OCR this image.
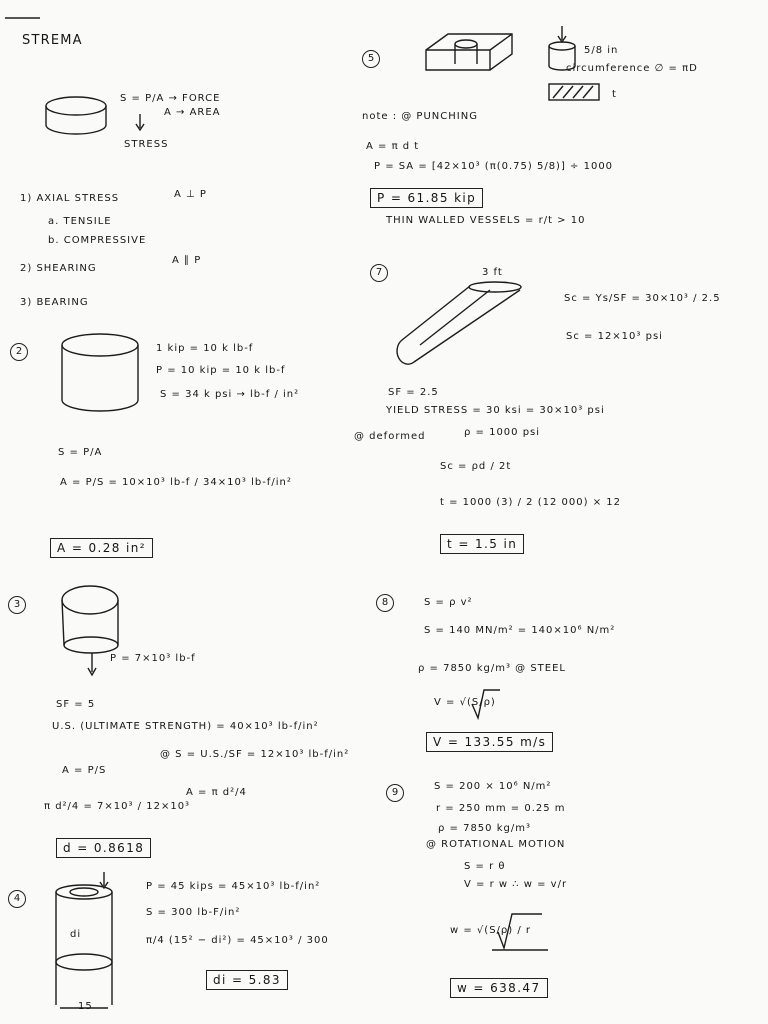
STREMA
S = P/A → FORCE
A → AREA
STRESS
1) AXIAL STRESS	A ⊥ P
a. TENSILE
b. COMPRESSIVE
2) SHEARING
A ∥ P
3) BEARING
2	1 kip = 10 k lb-f
P = 10 kip = 10 k lb-f
S = 34 k psi → lb-f / in²
S = P/A
A = P/S = 10×10³ lb-f / 34×10³ lb-f/in²
A = 0.28 in²
3
P = 7×10³ lb-f
SF = 5
U.S. (ULTIMATE STRENGTH) = 40×10³ lb-f/in²
A = P/S
@ S = U.S./SF = 12×10³ lb-f/in²
A = π d²/4
π d²/4 = 7×10³ / 12×10³
d = 0.8618
4
di
15
P = 45 kips = 45×10³ lb-f/in²
S = 300 lb-F/in²
π/4 (15² − di²) = 45×10³ / 300
di = 5.83
5
5/8 in
circumference ∅ = πD
t
note : @ PUNCHING
A = π d t
P = SA = [42×10³ (π(0.75) 5/8)] ÷ 1000
P = 61.85 kip
THIN WALLED VESSELS = r/t > 10
7	3 ft
Sc = Ys/SF = 30×10³ / 2.5
Sc = 12×10³ psi
SF = 2.5
YIELD STRESS = 30 ksi = 30×10³ psi
ρ = 1000 psi
@ deformed
Sc = ρd / 2t
t = 1000 (3) / 2 (12 000) × 12
t = 1.5 in
8	S = ρ v²
S = 140 MN/m² = 140×10⁶ N/m²
ρ = 7850 kg/m³ @ STEEL
V = √(S/ρ)
V = 133.55 m/s
9
S = 200 × 10⁶ N/m²
r = 250 mm = 0.25 m
ρ = 7850 kg/m³
@ ROTATIONAL MOTION
S = r θ
V = r w ∴ w = v/r
w = √(S/ρ) / r
w = 638.47
